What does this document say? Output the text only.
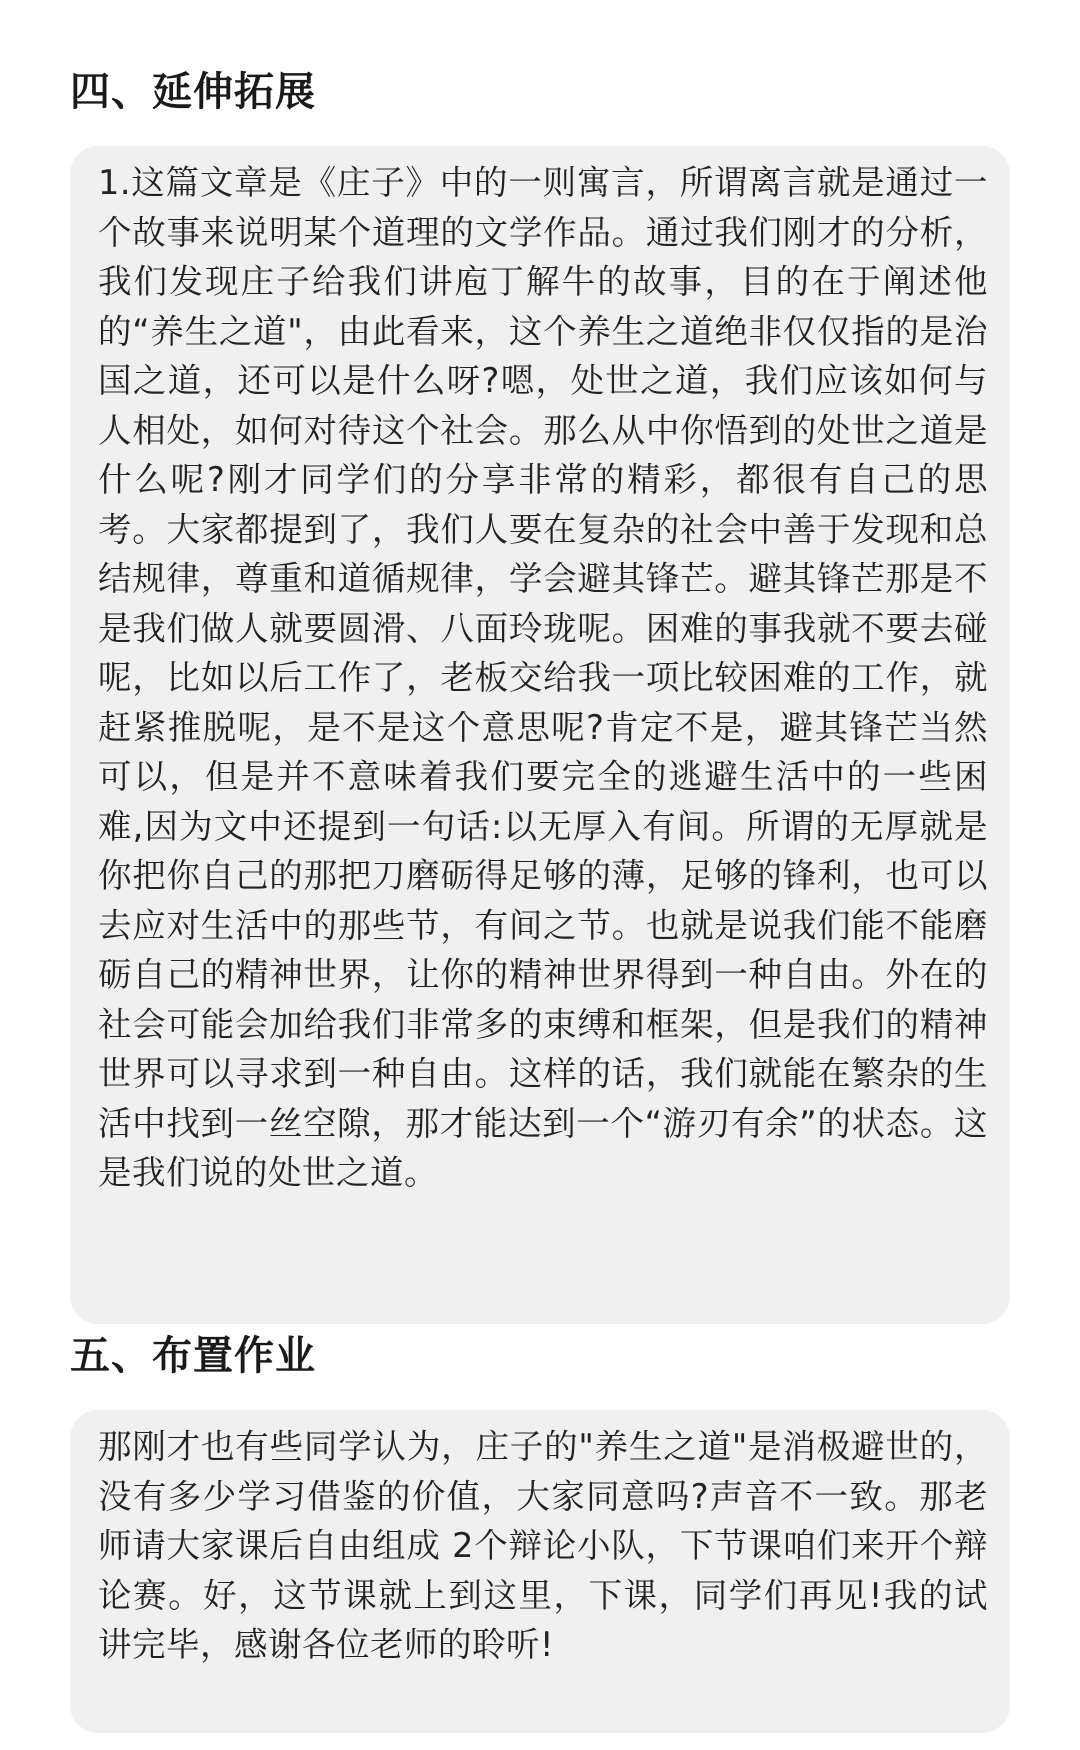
四、延伸拓展
1.这篇文章是《庄子》中的一则寓言，所谓离言就是通过一个故事来说明某个道理的文学作品。通过我们刚才的分析，我们发现庄子给我们讲庖丁解牛的故事，目的在于阐述他的“养生之道"，由此看来，这个养生之道绝非仅仅指的是治国之道，还可以是什么呀?嗯，处世之道，我们应该如何与人相处，如何对待这个社会。那么从中你悟到的处世之道是什么呢?刚才同学们的分享非常的精彩，都很有自己的思考。大家都提到了，我们人要在复杂的社会中善于发现和总结规律，尊重和道循规律，学会避其锋芒。避其锋芒那是不是我们做人就要圆滑、八面玲珑呢。困难的事我就不要去碰呢，比如以后工作了，老板交给我一项比较困难的工作，就赶紧推脱呢，是不是这个意思呢?肯定不是，避其锋芒当然可以，但是并不意味着我们要完全的逃避生活中的一些困难,因为文中还提到一句话:以无厚入有间。所谓的无厚就是你把你自己的那把刀磨砺得足够的薄，足够的锋利，也可以去应对生活中的那些节，有间之节。也就是说我们能不能磨砺自己的精神世界，让你的精神世界得到一种自由。外在的社会可能会加给我们非常多的束缚和框架，但是我们的精神世界可以寻求到一种自由。这样的话，我们就能在繁杂的生活中找到一丝空隙，那才能达到一个“游刃有余”的状态。这是我们说的处世之道。
五、布置作业
那刚才也有些同学认为，庄子的"养生之道"是消极避世的，没有多少学习借鉴的价值，大家同意吗?声音不一致。那老师请大家课后自由组成 2个辩论小队，下节课咱们来开个辩论赛。好，这节课就上到这里，下课，同学们再见!我的试讲完毕，感谢各位老师的聆听!
